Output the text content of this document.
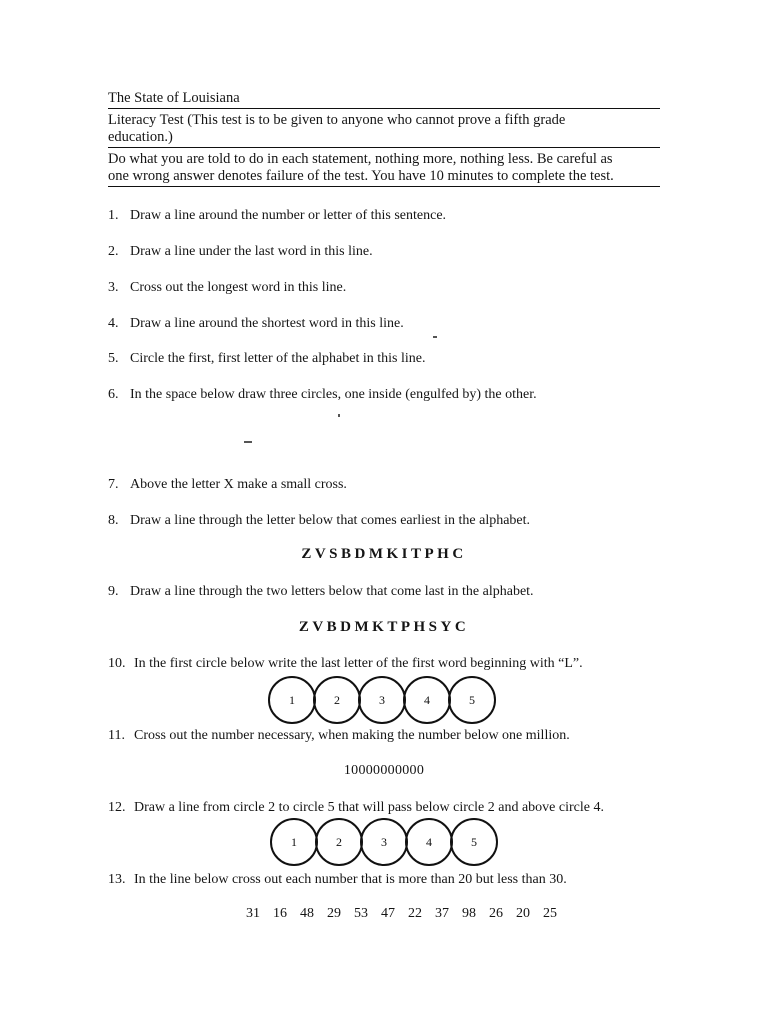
The State of Louisiana
Literacy Test (This test is to be given to anyone who cannot prove a fifth grade
education.)
Do what you are told to do in each statement, nothing more, nothing less. Be careful as
one wrong answer denotes failure of the test. You have 10 minutes to complete the test.
1. Draw a line around the number or letter of this sentence.
2. Draw a line under the last word in this line.
3. Cross out the longest word in this line.
4. Draw a line around the shortest word in this line.
5. Circle the first, first letter of the alphabet in this line.
6. In the space below draw three circles, one inside (engulfed by) the other.
7. Above the letter X make a small cross.
8. Draw a line through the letter below that comes earliest in the alphabet.
ZVSBDMKITPHC
9. Draw a line through the two letters below that come last in the alphabet.
ZVBDMKTPHSYC
10. In the first circle below write the last letter of the first word beginning with “L”.
1	2	3	4	5
11. Cross out the number necessary, when making the number below one million.
10000000000
12. Draw a line from circle 2 to circle 5 that will pass below circle 2 and above circle 4.
1	2	3	4	5
13. In the line below cross out each number that is more than 20 but less than 30.
31  16  48  29  53  47  22  37  98  26  20  25
